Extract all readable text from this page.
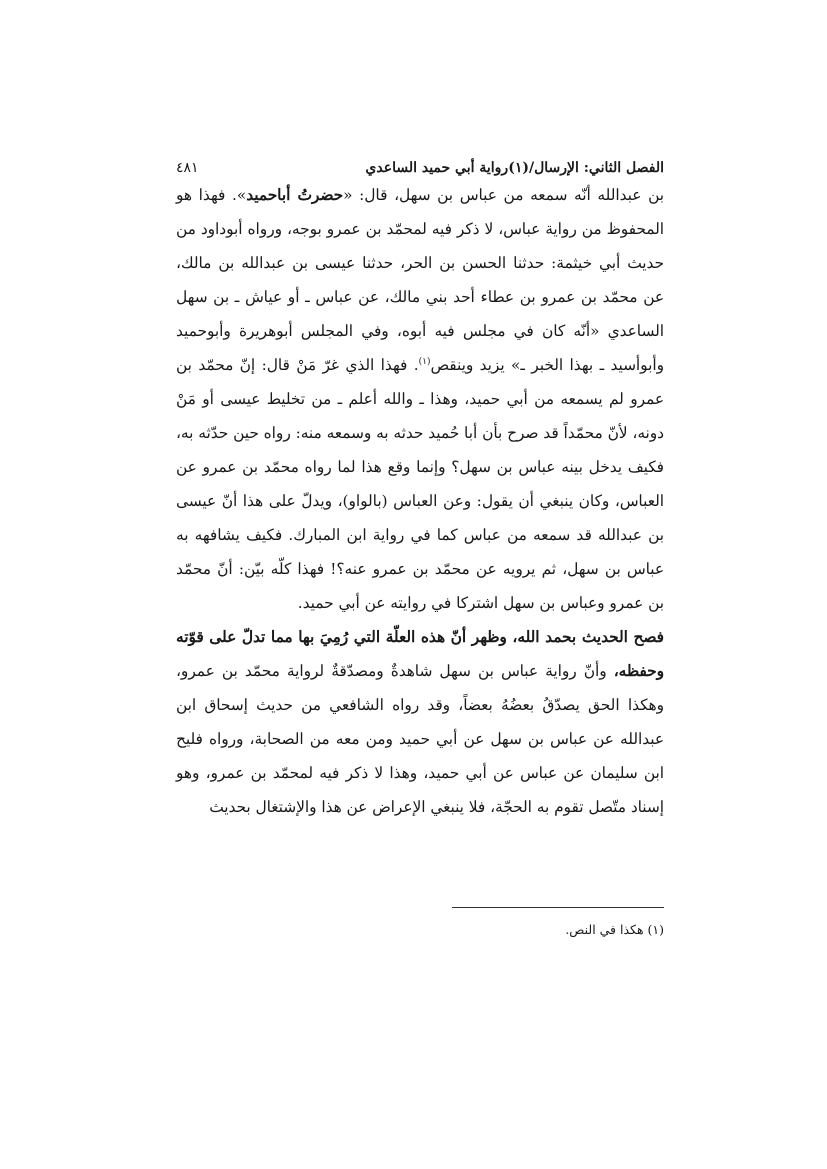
الفصل الثاني: الإرسال/(١)رواية أبي حميد الساعدي
٤٨١

بن عبدالله أنّه سمعه من عباس بن سهل، قال: «حضرتُ أباحميد». فهذا هو المحفوظ من رواية عباس، لا ذكر فيه لمحمّد بن عمرو بوجه، ورواه أبوداود من حديث أبي خيثمة: حدثنا الحسن بن الحر، حدثنا عيسى بن عبدالله بن مالك، عن محمّد بن عمرو بن عطاء أحد بني مالك، عن عباس ـ أو عياش ـ بن سهل الساعدي «أنّه كان في مجلس فيه أبوه، وفي المجلس أبوهريرة وأبوحميد وأبوأسيد ـ بهذا الخبر ـ» يزيد وينقص$^{(١)}$. فهذا الذي غرّ مَنْ قال: إنّ محمّد بن عمرو لم يسمعه من أبي حميد، وهذا ـ والله أعلم ـ من تخليط عيسى أو مَنْ دونه، لأنّ محمّداً قد صرح بأن أبا حُميد حدثه به وسمعه منه: رواه حين حدّثه به، فكيف يدخل بينه عباس بن سهل؟ وإنما وقع هذا لما رواه محمّد بن عمرو عن العباس، وكان ينبغي أن يقول: وعن العباس (بالواو)، ويدلّ على هذا أنّ عيسى بن عبدالله قد سمعه من عباس كما في رواية ابن المبارك. فكيف يشافهه به عباس بن سهل، ثم يرويه عن محمّد بن عمرو عنه؟! فهذا كلّه بيّن: أنّ محمّد بن عمرو وعباس بن سهل اشتركا في روايته عن أبي حميد.

فصح الحديث بحمد الله، وظهر أنّ هذه العلّة التي رُمِيَ بها مما تدلّ على قوّته وحفظه، وأنّ رواية عباس بن سهل شاهدةٌ ومصدّقةٌ لرواية محمّد بن عمرو، وهكذا الحق يصدّقُ بعضُهُ بعضاً، وقد رواه الشافعي من حديث إسحاق ابن عبدالله عن عباس بن سهل عن أبي حميد ومن معه من الصحابة، ورواه فليح ابن سليمان عن عباس عن أبي حميد، وهذا لا ذكر فيه لمحمّد بن عمرو، وهو إسناد متّصل تقوم به الحجّة، فلا ينبغي الإعراض عن هذا والإشتغال بحديث

(١) هكذا في النص.
